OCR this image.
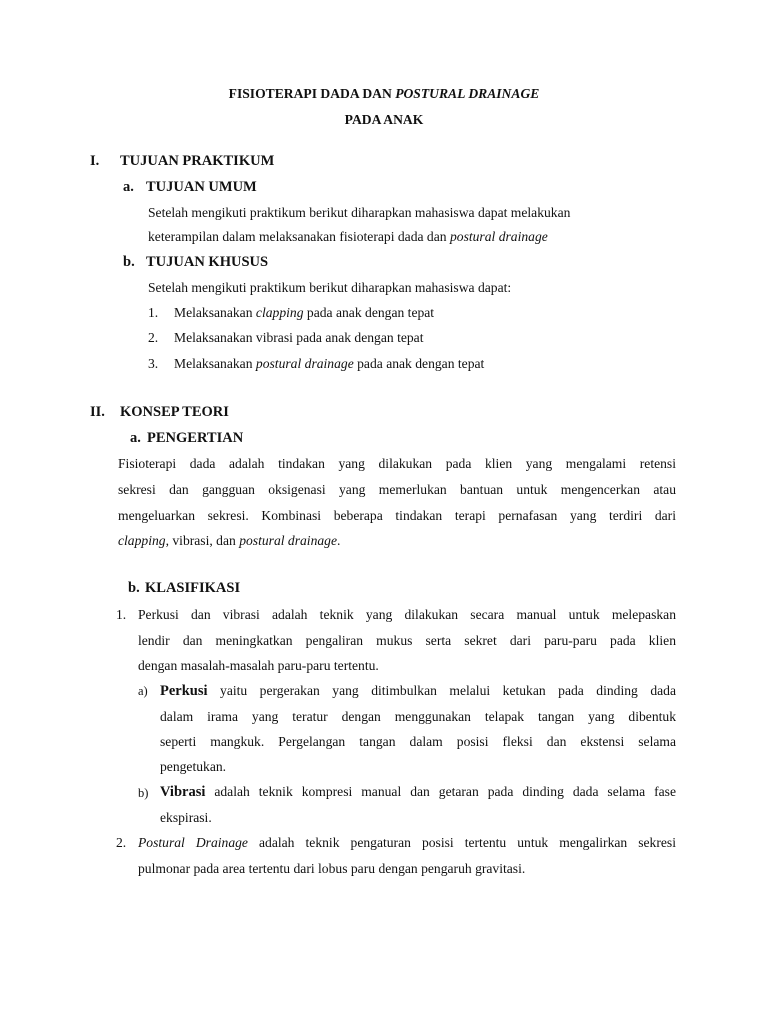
FISIOTERAPI DADA DAN POSTURAL DRAINAGE
PADA ANAK
I. TUJUAN PRAKTIKUM
a. TUJUAN UMUM
Setelah mengikuti praktikum berikut diharapkan mahasiswa dapat melakukan
keterampilan dalam melaksanakan fisioterapi dada dan postural drainage
b. TUJUAN KHUSUS
Setelah mengikuti praktikum berikut diharapkan mahasiswa dapat:
1. Melaksanakan clapping pada anak dengan tepat
2. Melaksanakan vibrasi pada anak dengan tepat
3. Melaksanakan postural drainage pada anak dengan tepat
II. KONSEP TEORI
a. PENGERTIAN
Fisioterapi dada adalah tindakan yang dilakukan pada klien yang mengalami retensi
sekresi dan gangguan oksigenasi yang memerlukan bantuan untuk mengencerkan atau
mengeluarkan sekresi. Kombinasi beberapa tindakan terapi pernafasan yang terdiri dari
clapping, vibrasi, dan postural drainage.
b. KLASIFIKASI
1. Perkusi dan vibrasi adalah teknik yang dilakukan secara manual untuk melepaskan
lendir dan meningkatkan pengaliran mukus serta sekret dari paru-paru pada klien
dengan masalah-masalah paru-paru tertentu.
a) Perkusi yaitu pergerakan yang ditimbulkan melalui ketukan pada dinding dada
dalam irama yang teratur dengan menggunakan telapak tangan yang dibentuk
seperti mangkuk. Pergelangan tangan dalam posisi fleksi dan ekstensi selama
pengetukan.
b) Vibrasi adalah teknik kompresi manual dan getaran pada dinding dada selama fase
ekspirasi.
2. Postural Drainage adalah teknik pengaturan posisi tertentu untuk mengalirkan sekresi
pulmonar pada area tertentu dari lobus paru dengan pengaruh gravitasi.
